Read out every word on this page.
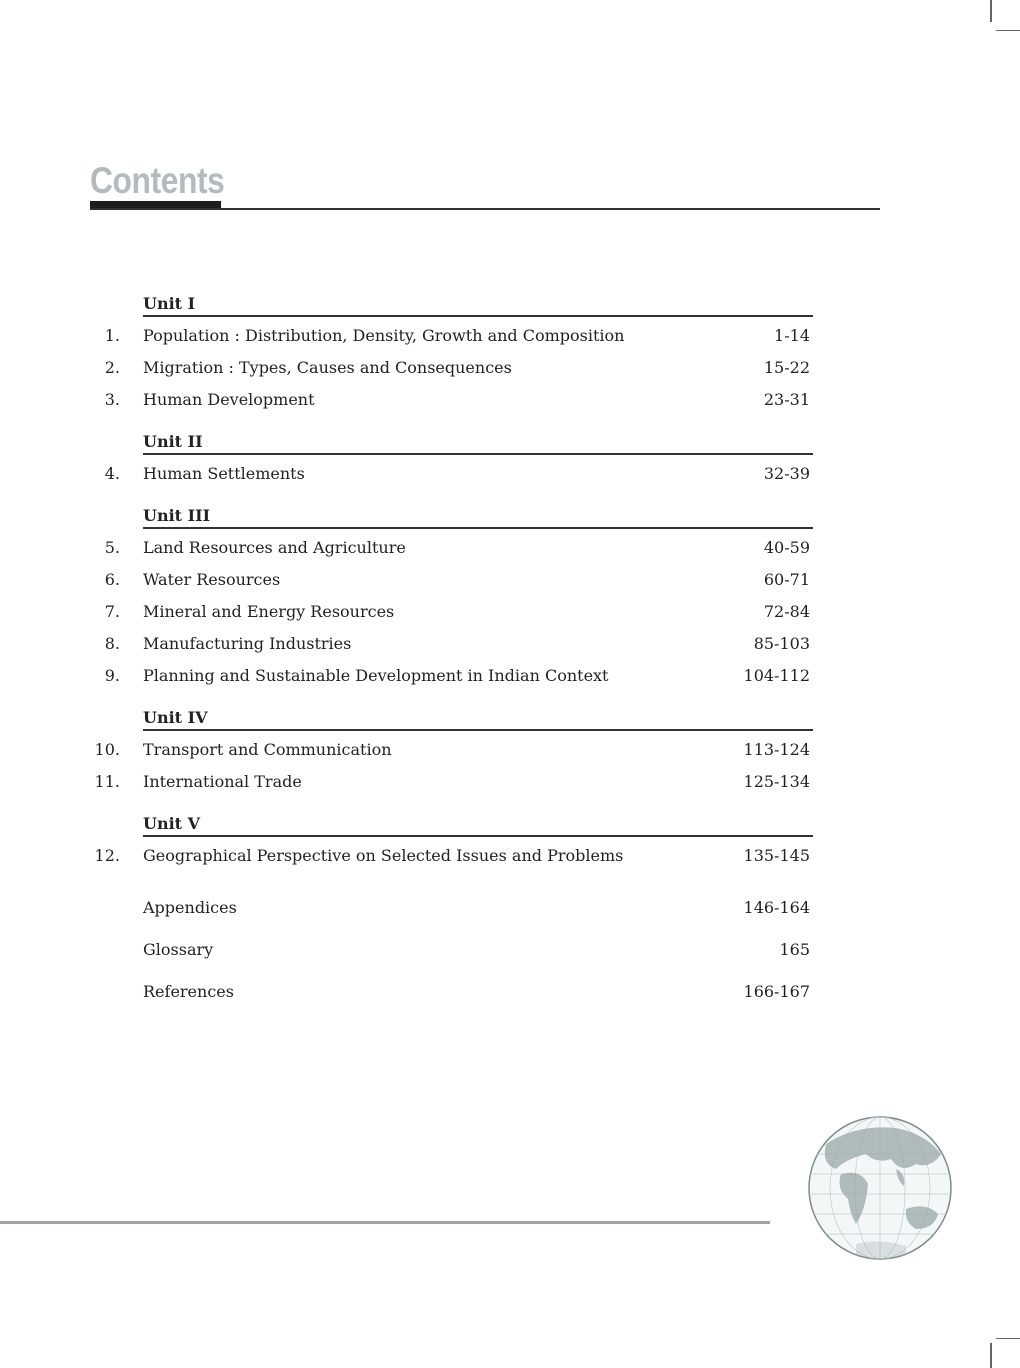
Contents
Unit I
1. Population : Distribution, Density, Growth and Composition	1-14
2. Migration : Types, Causes and Consequences	15-22
3. Human Development	23-31
Unit II
4. Human Settlements	32-39
Unit III
5. Land Resources and Agriculture	40-59
6. Water Resources	60-71
7. Mineral and Energy Resources	72-84
8. Manufacturing Industries	85-103
9. Planning and Sustainable Development in Indian Context	104-112
Unit IV
10. Transport and Communication	113-124
11. International Trade	125-134
Unit V
12. Geographical Perspective on Selected Issues and Problems	135-145
Appendices	146-164
Glossary	165
References	166-167
